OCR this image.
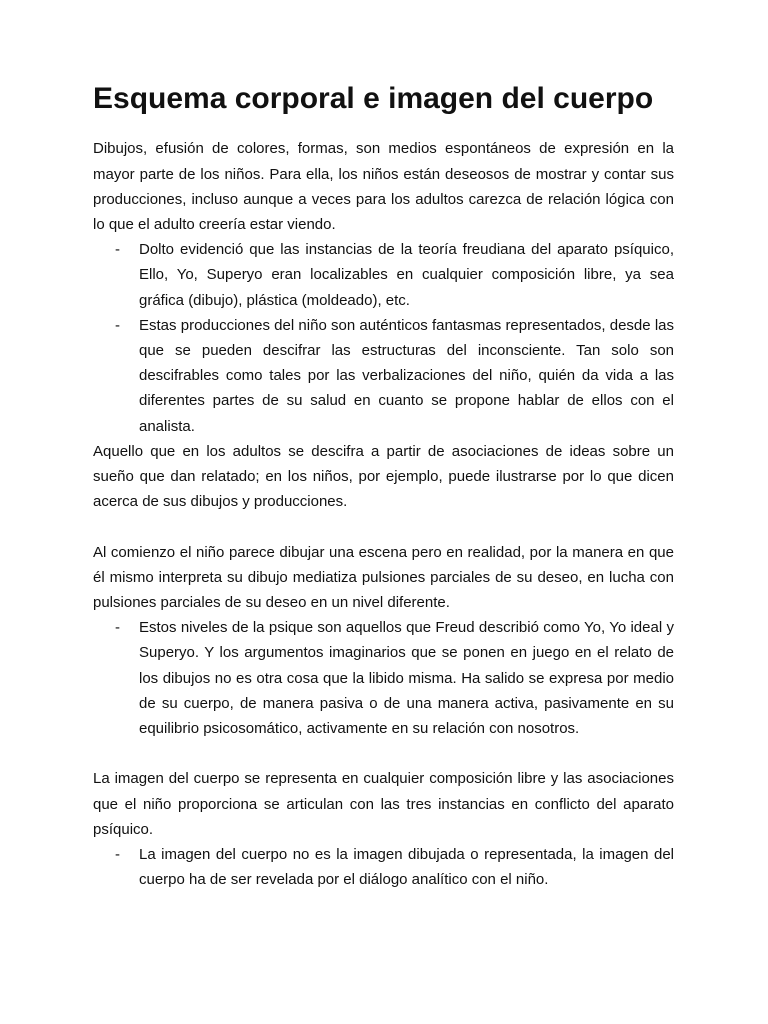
Esquema corporal e imagen del cuerpo

Dibujos, efusión de colores, formas, son medios espontáneos de expresión en la mayor parte de los niños. Para ella, los niños están deseosos de mostrar y contar sus producciones, incluso aunque a veces para los adultos carezca de relación lógica con lo que el adulto creería estar viendo.

- Dolto evidenció que las instancias de la teoría freudiana del aparato psíquico, Ello, Yo, Superyo eran localizables en cualquier composición libre, ya sea gráfica (dibujo), plástica (moldeado), etc.
- Estas producciones del niño son auténticos fantasmas representados, desde las que se pueden descifrar las estructuras del inconsciente. Tan solo son descifrables como tales por las verbalizaciones del niño, quién da vida a las diferentes partes de su salud en cuanto se propone hablar de ellos con el analista.

Aquello que en los adultos se descifra a partir de asociaciones de ideas sobre un sueño que dan relatado; en los niños, por ejemplo, puede ilustrarse por lo que dicen acerca de sus dibujos y producciones.

Al comienzo el niño parece dibujar una escena pero en realidad, por la manera en que él mismo interpreta su dibujo mediatiza pulsiones parciales de su deseo, en lucha con pulsiones parciales de su deseo en un nivel diferente.

- Estos niveles de la psique son aquellos que Freud describió como Yo, Yo ideal y Superyo. Y los argumentos imaginarios que se ponen en juego en el relato de los dibujos no es otra cosa que la libido misma. Ha salido se expresa por medio de su cuerpo, de manera pasiva o de una manera activa, pasivamente en su equilibrio psicosomático, activamente en su relación con nosotros.

La imagen del cuerpo se representa en cualquier composición libre y las asociaciones que el niño proporciona se articulan con las tres instancias en conflicto del aparato psíquico.

- La imagen del cuerpo no es la imagen dibujada o representada, la imagen del cuerpo ha de ser revelada por el diálogo analítico con el niño.
